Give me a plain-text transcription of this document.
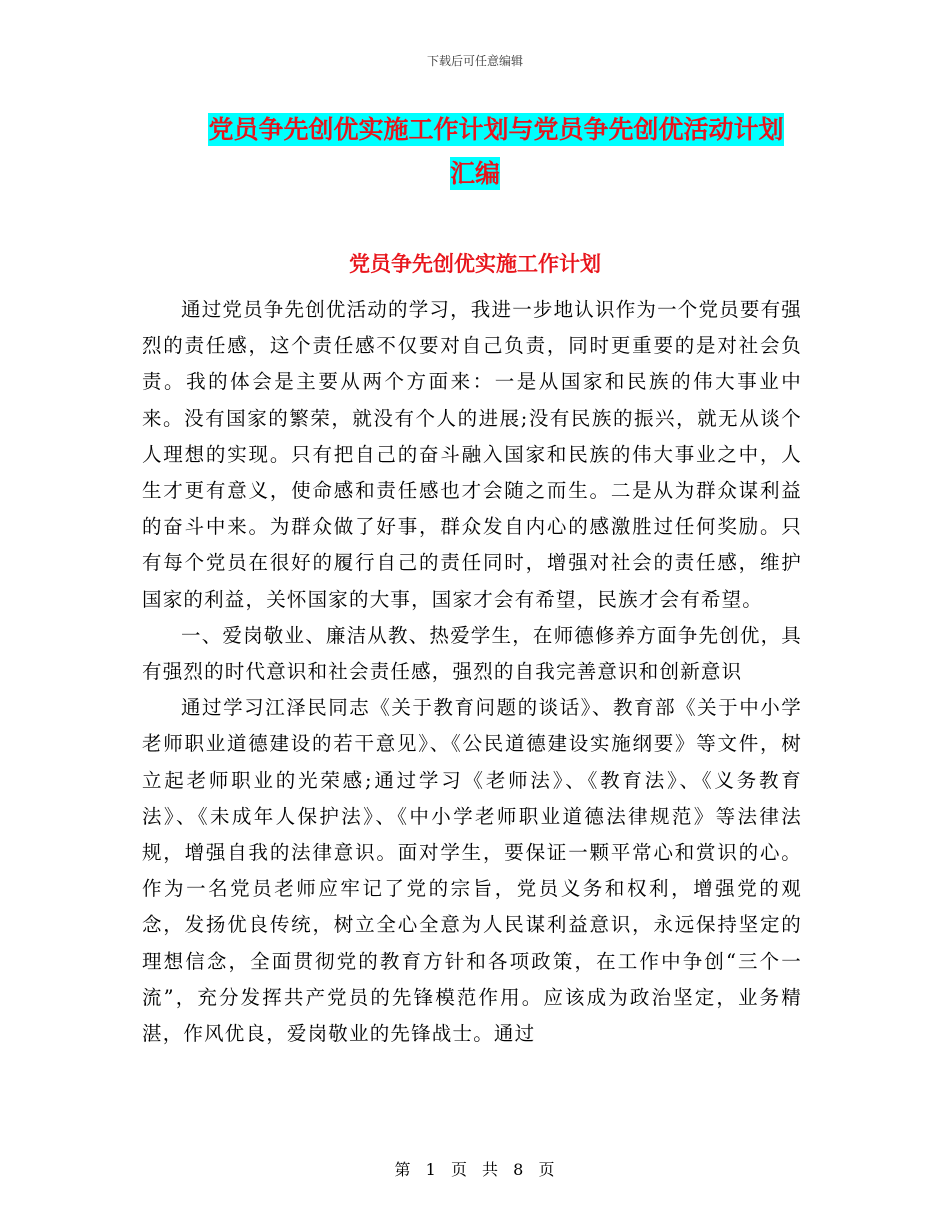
下载后可任意编辑
党员争先创优实施工作计划与党员争先创优活动计划
汇编
党员争先创优实施工作计划

通过党员争先创优活动的学习，我进一步地认识作为一个党员要有强烈的责任感，这个责任感不仅要对自己负责，同时更重要的是对社会负责。我的体会是主要从两个方面来：一是从国家和民族的伟大事业中来。没有国家的繁荣，就没有个人的进展;没有民族的振兴，就无从谈个人理想的实现。只有把自己的奋斗融入国家和民族的伟大事业之中，人生才更有意义，使命感和责任感也才会随之而生。二是从为群众谋利益的奋斗中来。为群众做了好事，群众发自内心的感激胜过任何奖励。只有每个党员在很好的履行自己的责任同时，增强对社会的责任感，维护国家的利益，关怀国家的大事，国家才会有希望，民族才会有希望。

一、爱岗敬业、廉洁从教、热爱学生，在师德修养方面争先创优，具有强烈的时代意识和社会责任感，强烈的自我完善意识和创新意识

通过学习江泽民同志《关于教育问题的谈话》、教育部《关于中小学老师职业道德建设的若干意见》、《公民道德建设实施纲要》等文件，树立起老师职业的光荣感;通过学习《老师法》、《教育法》、《义务教育法》、《未成年人保护法》、《中小学老师职业道德法律规范》等法律法规，增强自我的法律意识。面对学生，要保证一颗平常心和赏识的心。作为一名党员老师应牢记了党的宗旨，党员义务和权利，增强党的观念，发扬优良传统，树立全心全意为人民谋利益意识，永远保持坚定的理想信念，全面贯彻党的教育方针和各项政策，在工作中争创“三个一流”，充分发挥共产党员的先锋模范作用。应该成为政治坚定，业务精湛，作风优良，爱岗敬业的先锋战士。通过

第 1 页 共 8 页
